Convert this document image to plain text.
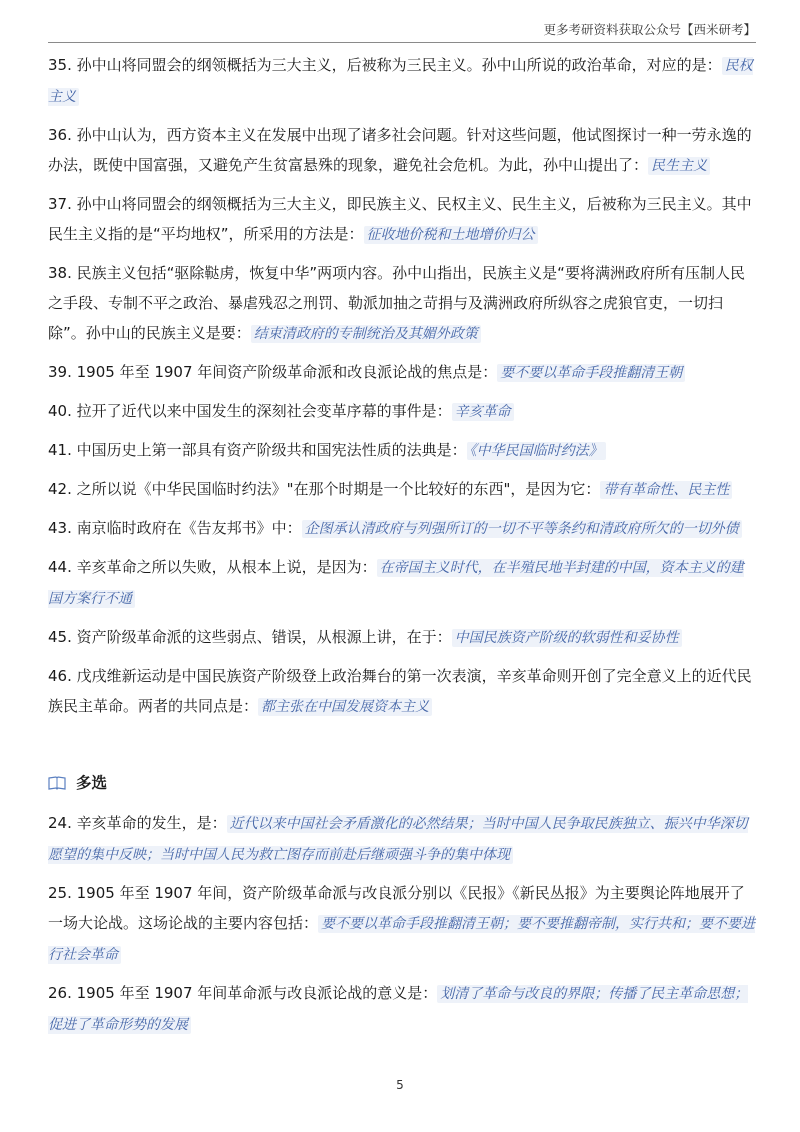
更多考研资料获取公众号【西米研考】

35. 孙中山将同盟会的纲领概括为三大主义，后被称为三民主义。孙中山所说的政治革命，对应的是： 民权主义

36. 孙中山认为，西方资本主义在发展中出现了诸多社会问题。针对这些问题，他试图探讨一种一劳永逸的办法，既使中国富强，又避免产生贫富悬殊的现象，避免社会危机。为此，孙中山提出了： 民生主义

37. 孙中山将同盟会的纲领概括为三大主义，即民族主义、民权主义、民生主义，后被称为三民主义。其中民生主义指的是“平均地权”，所采用的方法是： 征收地价税和土地增价归公

38. 民族主义包括“驱除鞑虏，恢复中华”两项内容。孙中山指出，民族主义是“要将满洲政府所有压制人民之手段、专制不平之政治、暴虐残忍之刑罚、勒派加抽之苛捐与及满洲政府所纵容之虎狼官吏，一切扫除”。孙中山的民族主义是要： 结束清政府的专制统治及其媚外政策

39. 1905 年至 1907 年间资产阶级革命派和改良派论战的焦点是： 要不要以革命手段推翻清王朝

40. 拉开了近代以来中国发生的深刻社会变革序幕的事件是： 辛亥革命

41. 中国历史上第一部具有资产阶级共和国宪法性质的法典是： 《中华民国临时约法》

42. 之所以说《中华民国临时约法》"在那个时期是一个比较好的东西"，是因为它： 带有革命性、民主性

43. 南京临时政府在《告友邦书》中： 企图承认清政府与列强所订的一切不平等条约和清政府所欠的一切外债

44. 辛亥革命之所以失败，从根本上说，是因为： 在帝国主义时代，在半殖民地半封建的中国，资本主义的建国方案行不通

45. 资产阶级革命派的这些弱点、错误，从根源上讲，在于： 中国民族资产阶级的软弱性和妥协性

46. 戊戌维新运动是中国民族资产阶级登上政治舞台的第一次表演，辛亥革命则开创了完全意义上的近代民族民主革命。两者的共同点是： 都主张在中国发展资本主义

多选

24. 辛亥革命的发生，是： 近代以来中国社会矛盾激化的必然结果；当时中国人民争取民族独立、振兴中华深切愿望的集中反映；当时中国人民为救亡图存而前赴后继顽强斗争的集中体现

25. 1905 年至 1907 年间，资产阶级革命派与改良派分别以《民报》《新民丛报》为主要舆论阵地展开了一场大论战。这场论战的主要内容包括： 要不要以革命手段推翻清王朝；要不要推翻帝制，实行共和；要不要进行社会革命

26. 1905 年至 1907 年间革命派与改良派论战的意义是： 划清了革命与改良的界限；传播了民主革命思想；促进了革命形势的发展

5
